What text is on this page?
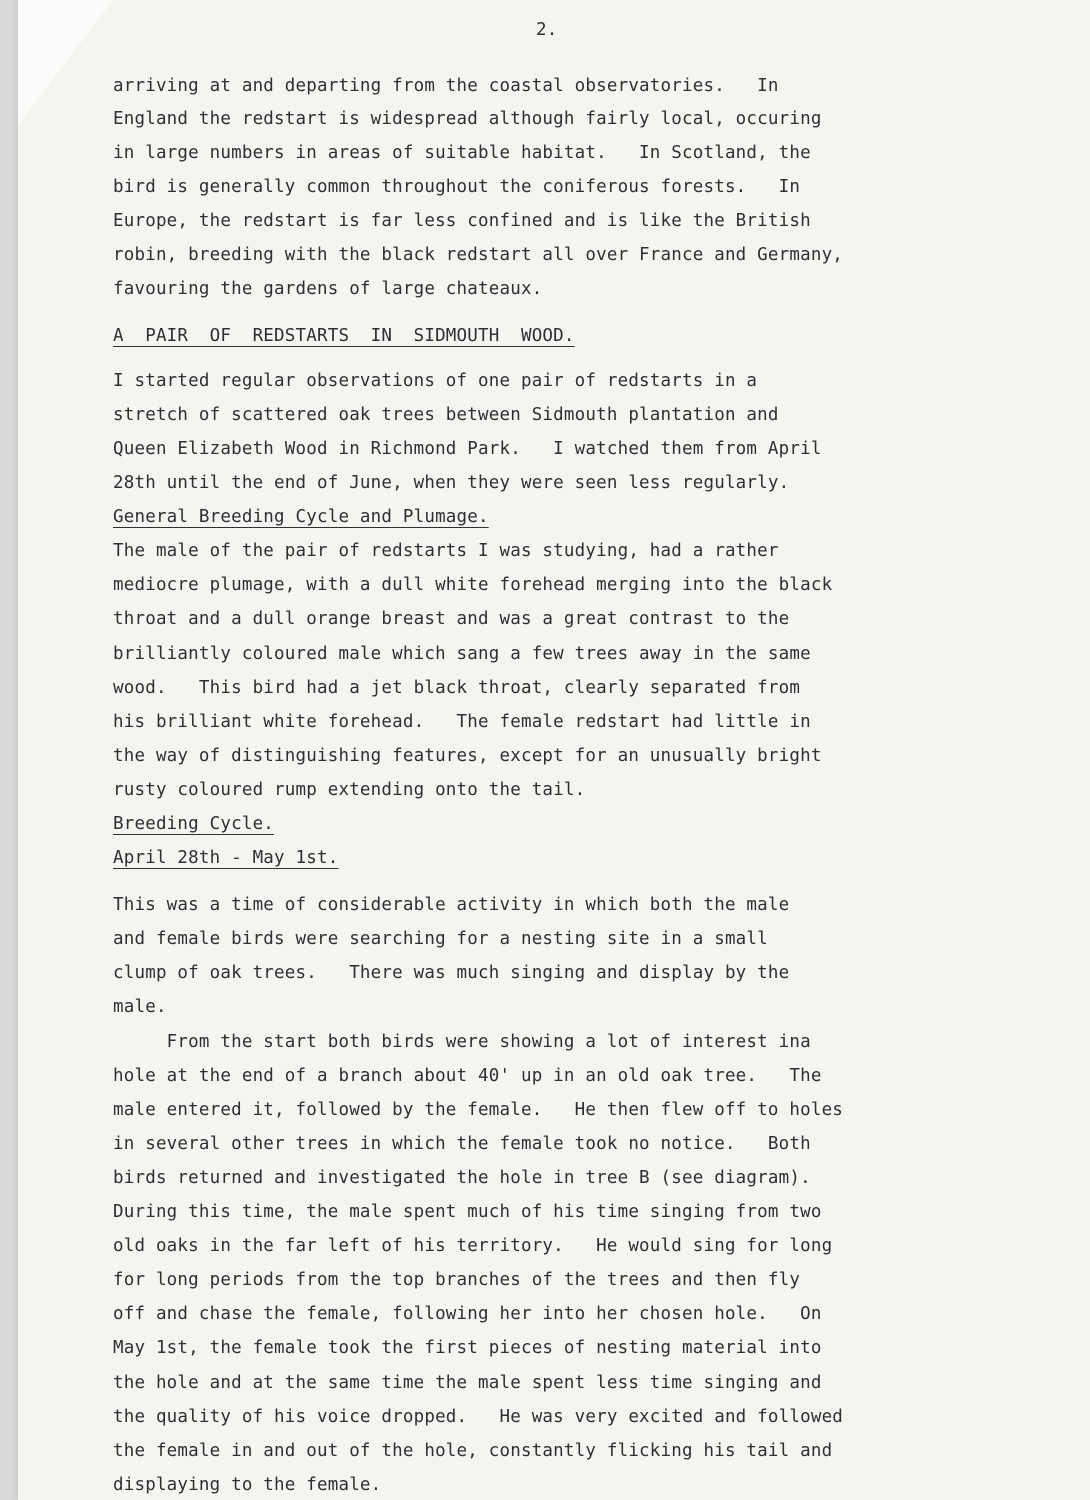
2.
arriving at and departing from the coastal observatories.   In
England the redstart is widespread although fairly local, occuring
in large numbers in areas of suitable habitat.   In Scotland, the
bird is generally common throughout the coniferous forests.   In
Europe, the redstart is far less confined and is like the British
robin, breeding with the black redstart all over France and Germany,
favouring the gardens of large chateaux.
A  PAIR  OF  REDSTARTS  IN  SIDMOUTH  WOOD.
I started regular observations of one pair of redstarts in a
stretch of scattered oak trees between Sidmouth plantation and
Queen Elizabeth Wood in Richmond Park.   I watched them from April
28th until the end of June, when they were seen less regularly.
General Breeding Cycle and Plumage.
The male of the pair of redstarts I was studying, had a rather
mediocre plumage, with a dull white forehead merging into the black
throat and a dull orange breast and was a great contrast to the
brilliantly coloured male which sang a few trees away in the same
wood.   This bird had a jet black throat, clearly separated from
his brilliant white forehead.   The female redstart had little in
the way of distinguishing features, except for an unusually bright
rusty coloured rump extending onto the tail.
Breeding Cycle.
April 28th - May 1st.
This was a time of considerable activity in which both the male
and female birds were searching for a nesting site in a small
clump of oak trees.   There was much singing and display by the
male.
From the start both birds were showing a lot of interest ina
hole at the end of a branch about 40' up in an old oak tree.   The
male entered it, followed by the female.   He then flew off to holes
in several other trees in which the female took no notice.   Both
birds returned and investigated the hole in tree B (see diagram).
During this time, the male spent much of his time singing from two
old oaks in the far left of his territory.   He would sing for long
for long periods from the top branches of the trees and then fly
off and chase the female, following her into her chosen hole.   On
May 1st, the female took the first pieces of nesting material into
the hole and at the same time the male spent less time singing and
the quality of his voice dropped.   He was very excited and followed
the female in and out of the hole, constantly flicking his tail and
displaying to the female.
